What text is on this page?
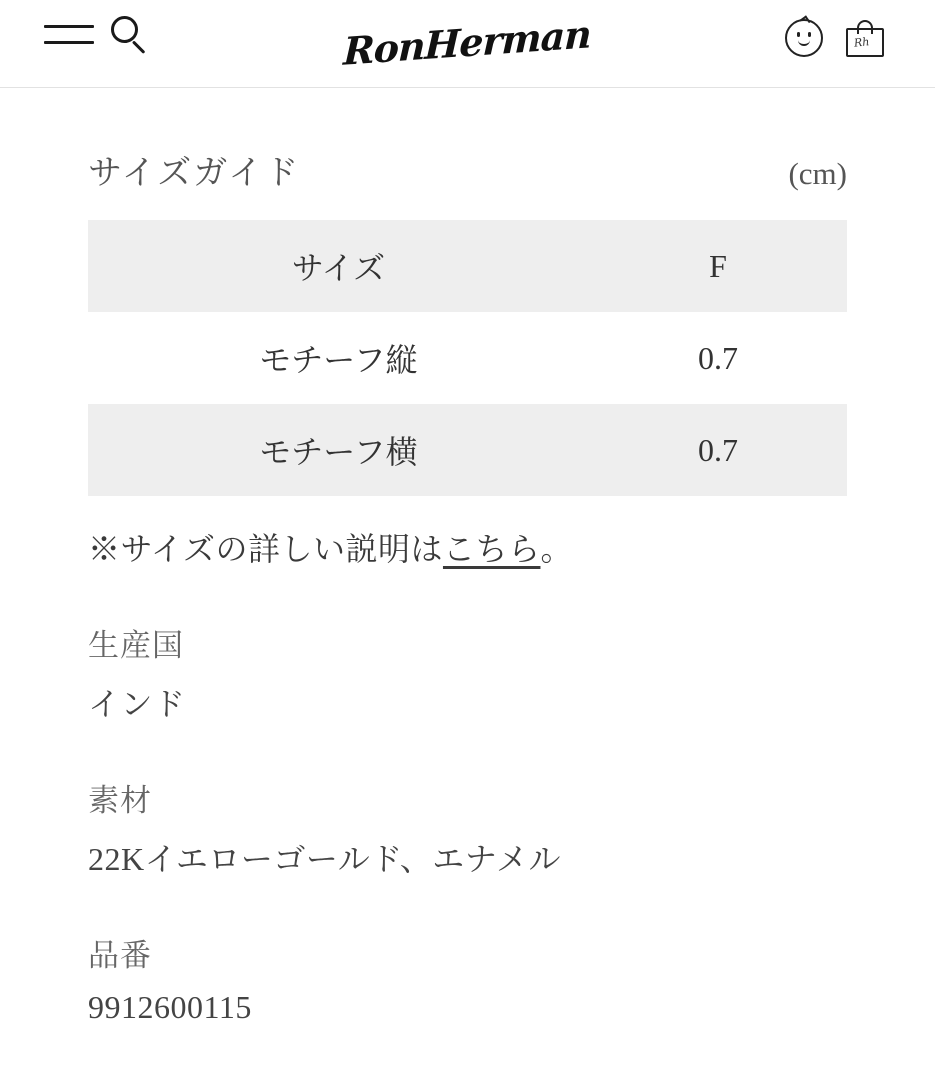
RonHerman	Rh
サイズガイド	(cm)
サイズ	F
モチーフ縦	0.7
モチーフ横	0.7
※サイズの詳しい説明はこちら。
生産国
インド
素材
22Kイエローゴールド、エナメル
品番
9912600115
